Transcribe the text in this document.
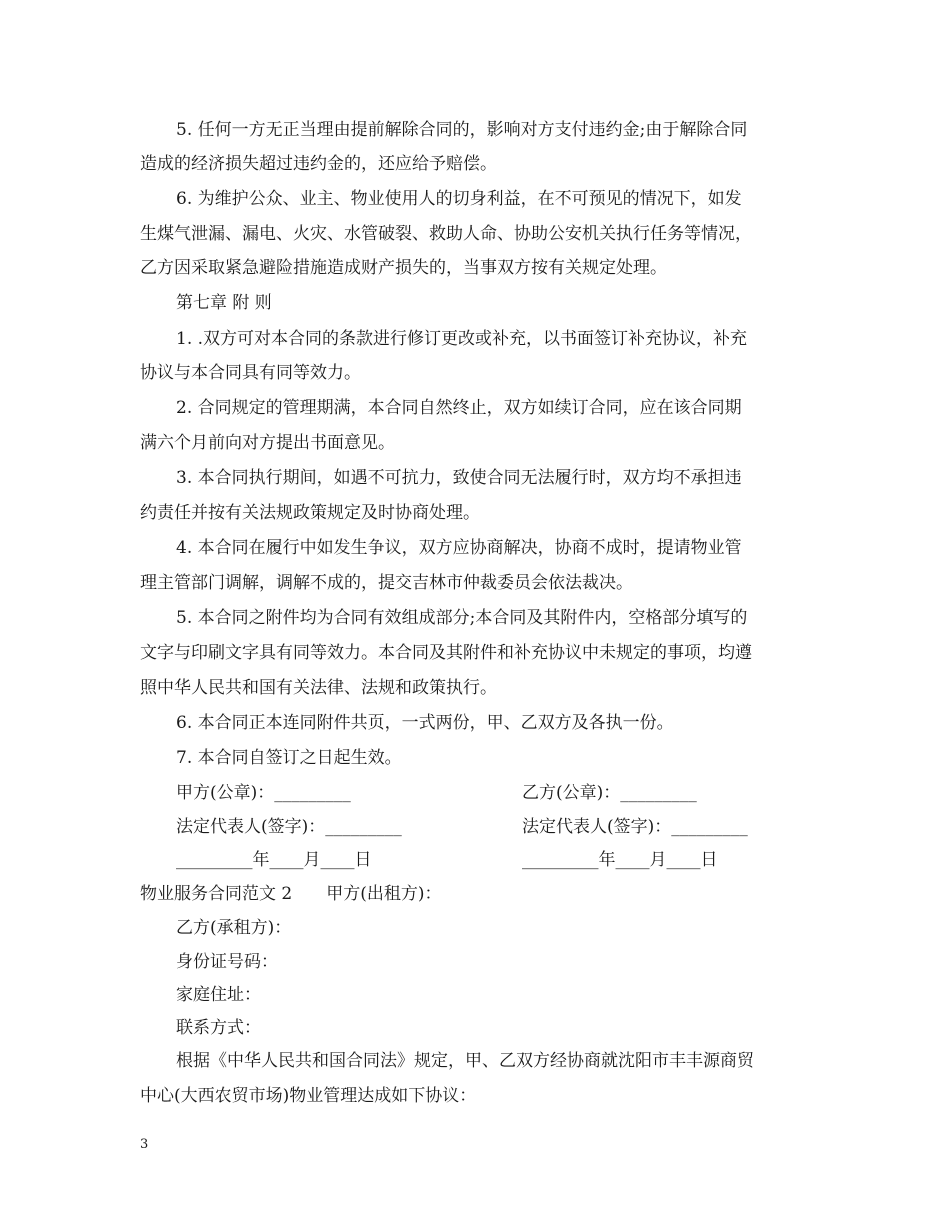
5. 任何一方无正当理由提前解除合同的，影响对方支付违约金;由于解除合同
造成的经济损失超过违约金的，还应给予赔偿。
6. 为维护公众、业主、物业使用人的切身利益，在不可预见的情况下，如发
生煤气泄漏、漏电、火灾、水管破裂、救助人命、协助公安机关执行任务等情况，
乙方因采取紧急避险措施造成财产损失的，当事双方按有关规定处理。
第七章 附 则
1. .双方可对本合同的条款进行修订更改或补充，以书面签订补充协议，补充
协议与本合同具有同等效力。
2. 合同规定的管理期满，本合同自然终止，双方如续订合同，应在该合同期
满六个月前向对方提出书面意见。
3. 本合同执行期间，如遇不可抗力，致使合同无法履行时，双方均不承担违
约责任并按有关法规政策规定及时协商处理。
4. 本合同在履行中如发生争议，双方应协商解决，协商不成时，提请物业管
理主管部门调解，调解不成的，提交吉林市仲裁委员会依法裁决。
5. 本合同之附件均为合同有效组成部分;本合同及其附件内，空格部分填写的
文字与印刷文字具有同等效力。本合同及其附件和补充协议中未规定的事项，均遵
照中华人民共和国有关法律、法规和政策执行。
6. 本合同正本连同附件共页，一式两份，甲、乙双方及各执一份。
7. 本合同自签订之日起生效。
甲方(公章)：_________	乙方(公章)：_________
法定代表人(签字)：_________	法定代表人(签字)：_________
_________年____月____日	_________年____月____日
物业服务合同范文 2　　甲方(出租方)：
乙方(承租方)：
身份证号码：
家庭住址：
联系方式：
根据《中华人民共和国合同法》规定，甲、乙双方经协商就沈阳市丰丰源商贸
中心(大西农贸市场)物业管理达成如下协议：
3
